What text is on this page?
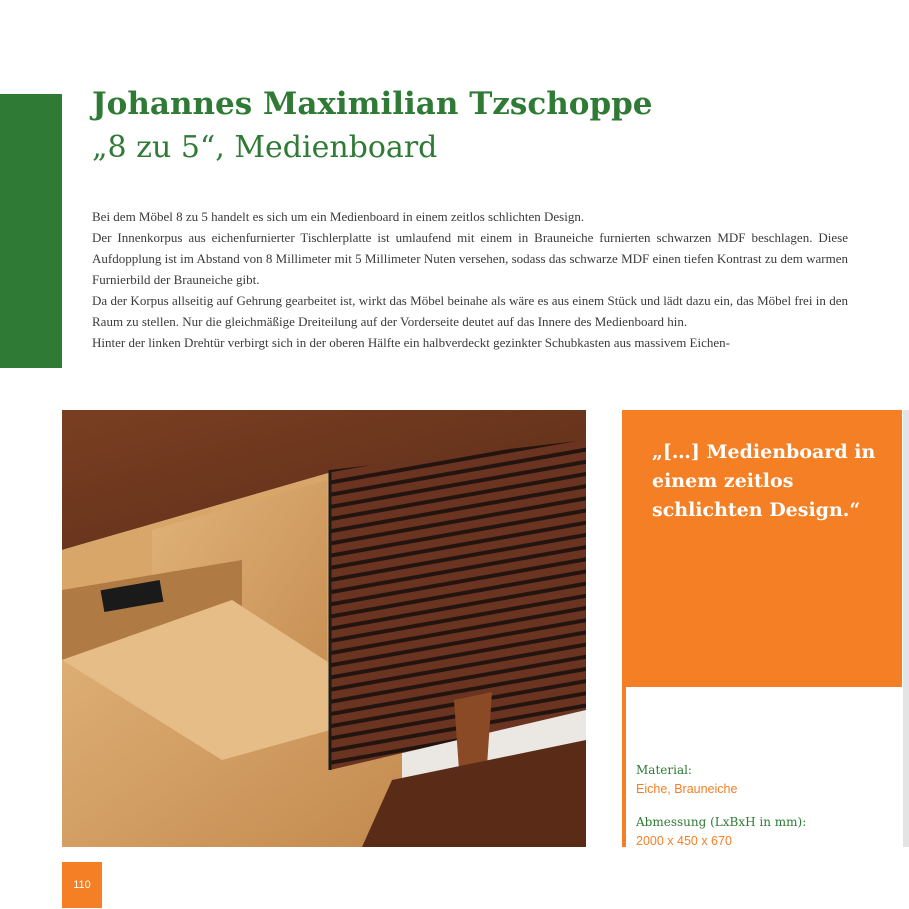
Johannes Maximilian Tzschoppe
„8 zu 5“, Medienboard

Bei dem Möbel 8 zu 5 handelt es sich um ein Medienboard in einem zeitlos schlichten Design.

Der Innenkorpus aus eichenfurnierter Tischlerplatte ist umlaufend mit einem in Brauneiche furnierten schwarzen MDF beschlagen. Diese Aufdopplung ist im Abstand von 8 Millimeter mit 5 Millimeter Nuten versehen, sodass das schwarze MDF einen tiefen Kontrast zu dem warmen Furnierbild der Brauneiche gibt.

Da der Korpus allseitig auf Gehrung gearbeitet ist, wirkt das Möbel beinahe als wäre es aus einem Stück und lädt dazu ein, das Möbel frei in den Raum zu stellen. Nur die gleichmäßige Dreiteilung auf der Vorderseite deutet auf das Innere des Medienboard hin.

Hinter der linken Drehtür verbirgt sich in der oberen Hälfte ein halbverdeckt gezinkter Schubkasten aus massivem Eichen-

„[…] Medienboard in einem zeitlos schlichten Design.“
Material:
Eiche, Brauneiche
Abmessung (LxBxH in mm):
2000 x 450 x 670
110
